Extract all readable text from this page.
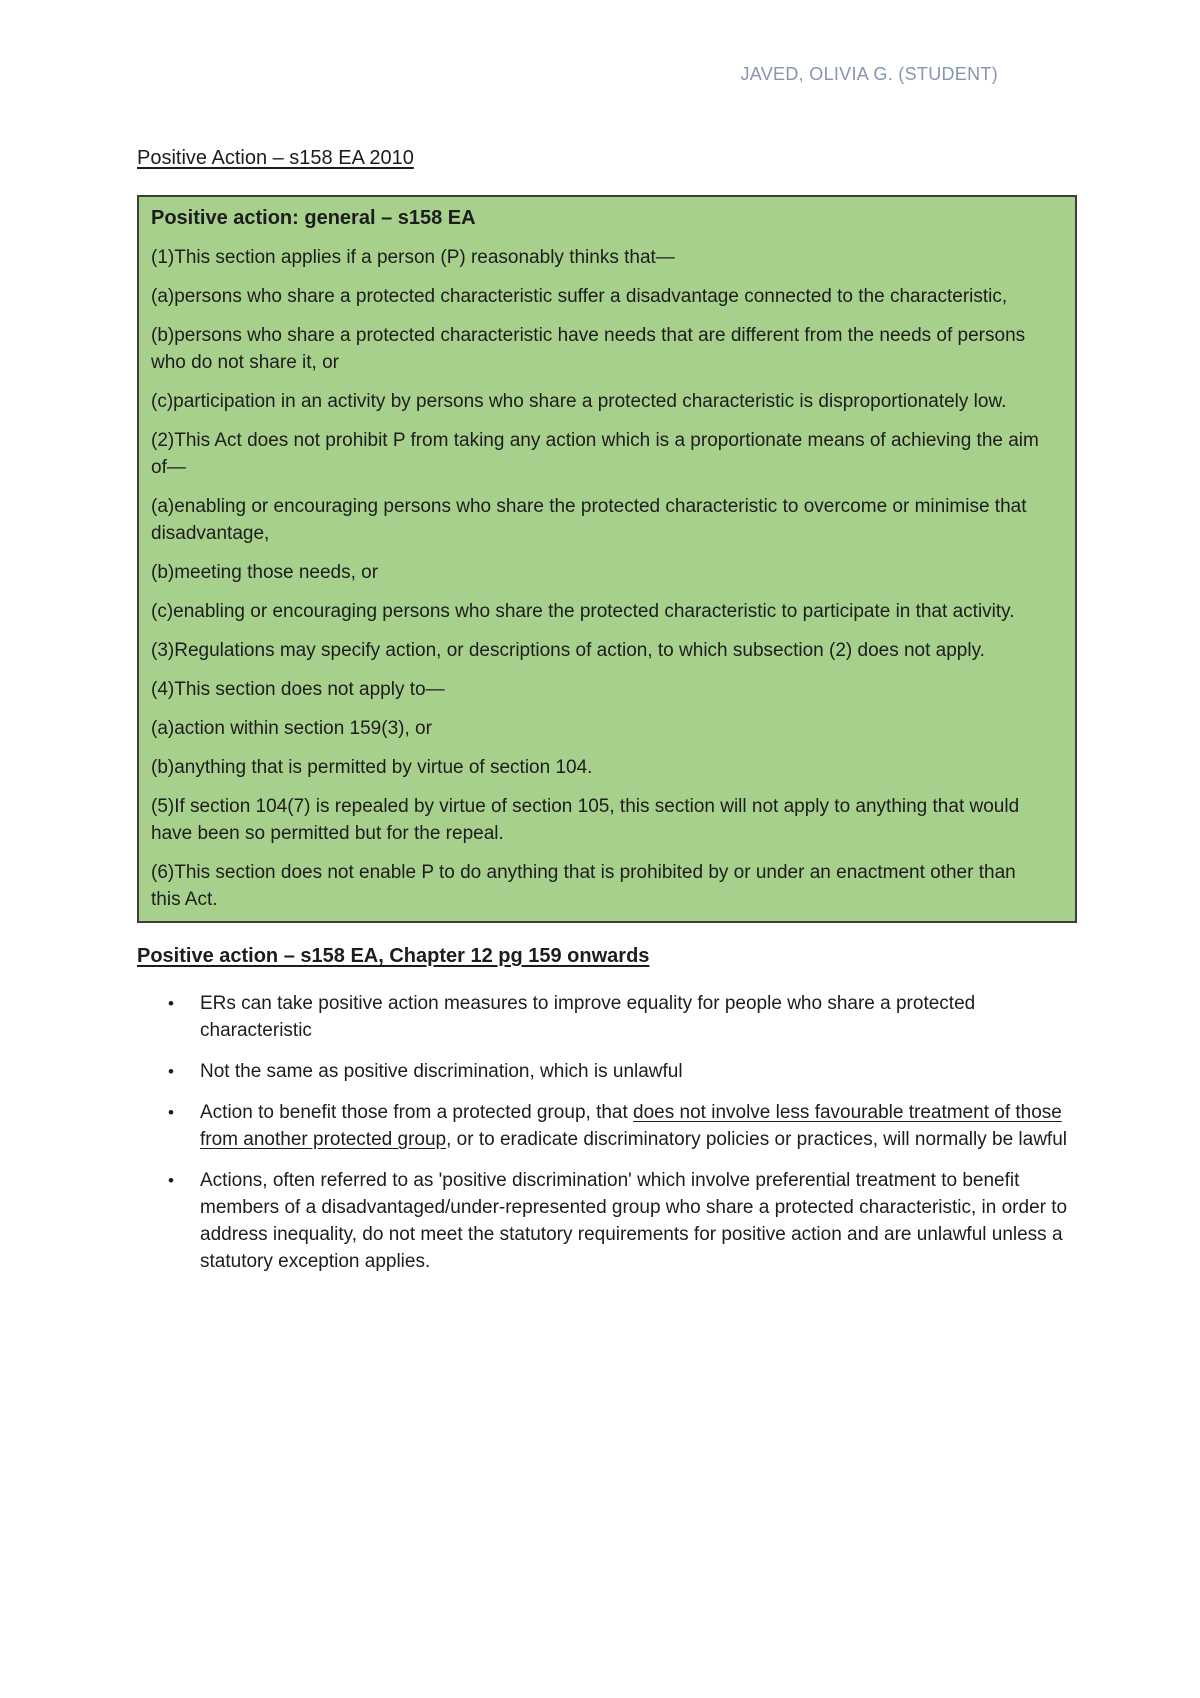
JAVED, OLIVIA G. (STUDENT)
Positive Action – s158 EA 2010

Positive action: general – s158 EA

(1)This section applies if a person (P) reasonably thinks that—

(a)persons who share a protected characteristic suffer a disadvantage connected to the characteristic,

(b)persons who share a protected characteristic have needs that are different from the needs of persons who do not share it, or

(c)participation in an activity by persons who share a protected characteristic is disproportionately low.

(2)This Act does not prohibit P from taking any action which is a proportionate means of achieving the aim of—

(a)enabling or encouraging persons who share the protected characteristic to overcome or minimise that disadvantage,

(b)meeting those needs, or

(c)enabling or encouraging persons who share the protected characteristic to participate in that activity.

(3)Regulations may specify action, or descriptions of action, to which subsection (2) does not apply.

(4)This section does not apply to—

(a)action within section 159(3), or

(b)anything that is permitted by virtue of section 104.

(5)If section 104(7) is repealed by virtue of section 105, this section will not apply to anything that would have been so permitted but for the repeal.

(6)This section does not enable P to do anything that is prohibited by or under an enactment other than this Act.

Positive action – s158 EA, Chapter 12 pg 159 onwards
• ERs can take positive action measures to improve equality for people who share a protected characteristic
• Not the same as positive discrimination, which is unlawful
• Action to benefit those from a protected group, that does not involve less favourable treatment of those from another protected group, or to eradicate discriminatory policies or practices, will normally be lawful
• Actions, often referred to as 'positive discrimination' which involve preferential treatment to benefit members of a disadvantaged/under-represented group who share a protected characteristic, in order to address inequality, do not meet the statutory requirements for positive action and are unlawful unless a statutory exception applies.
